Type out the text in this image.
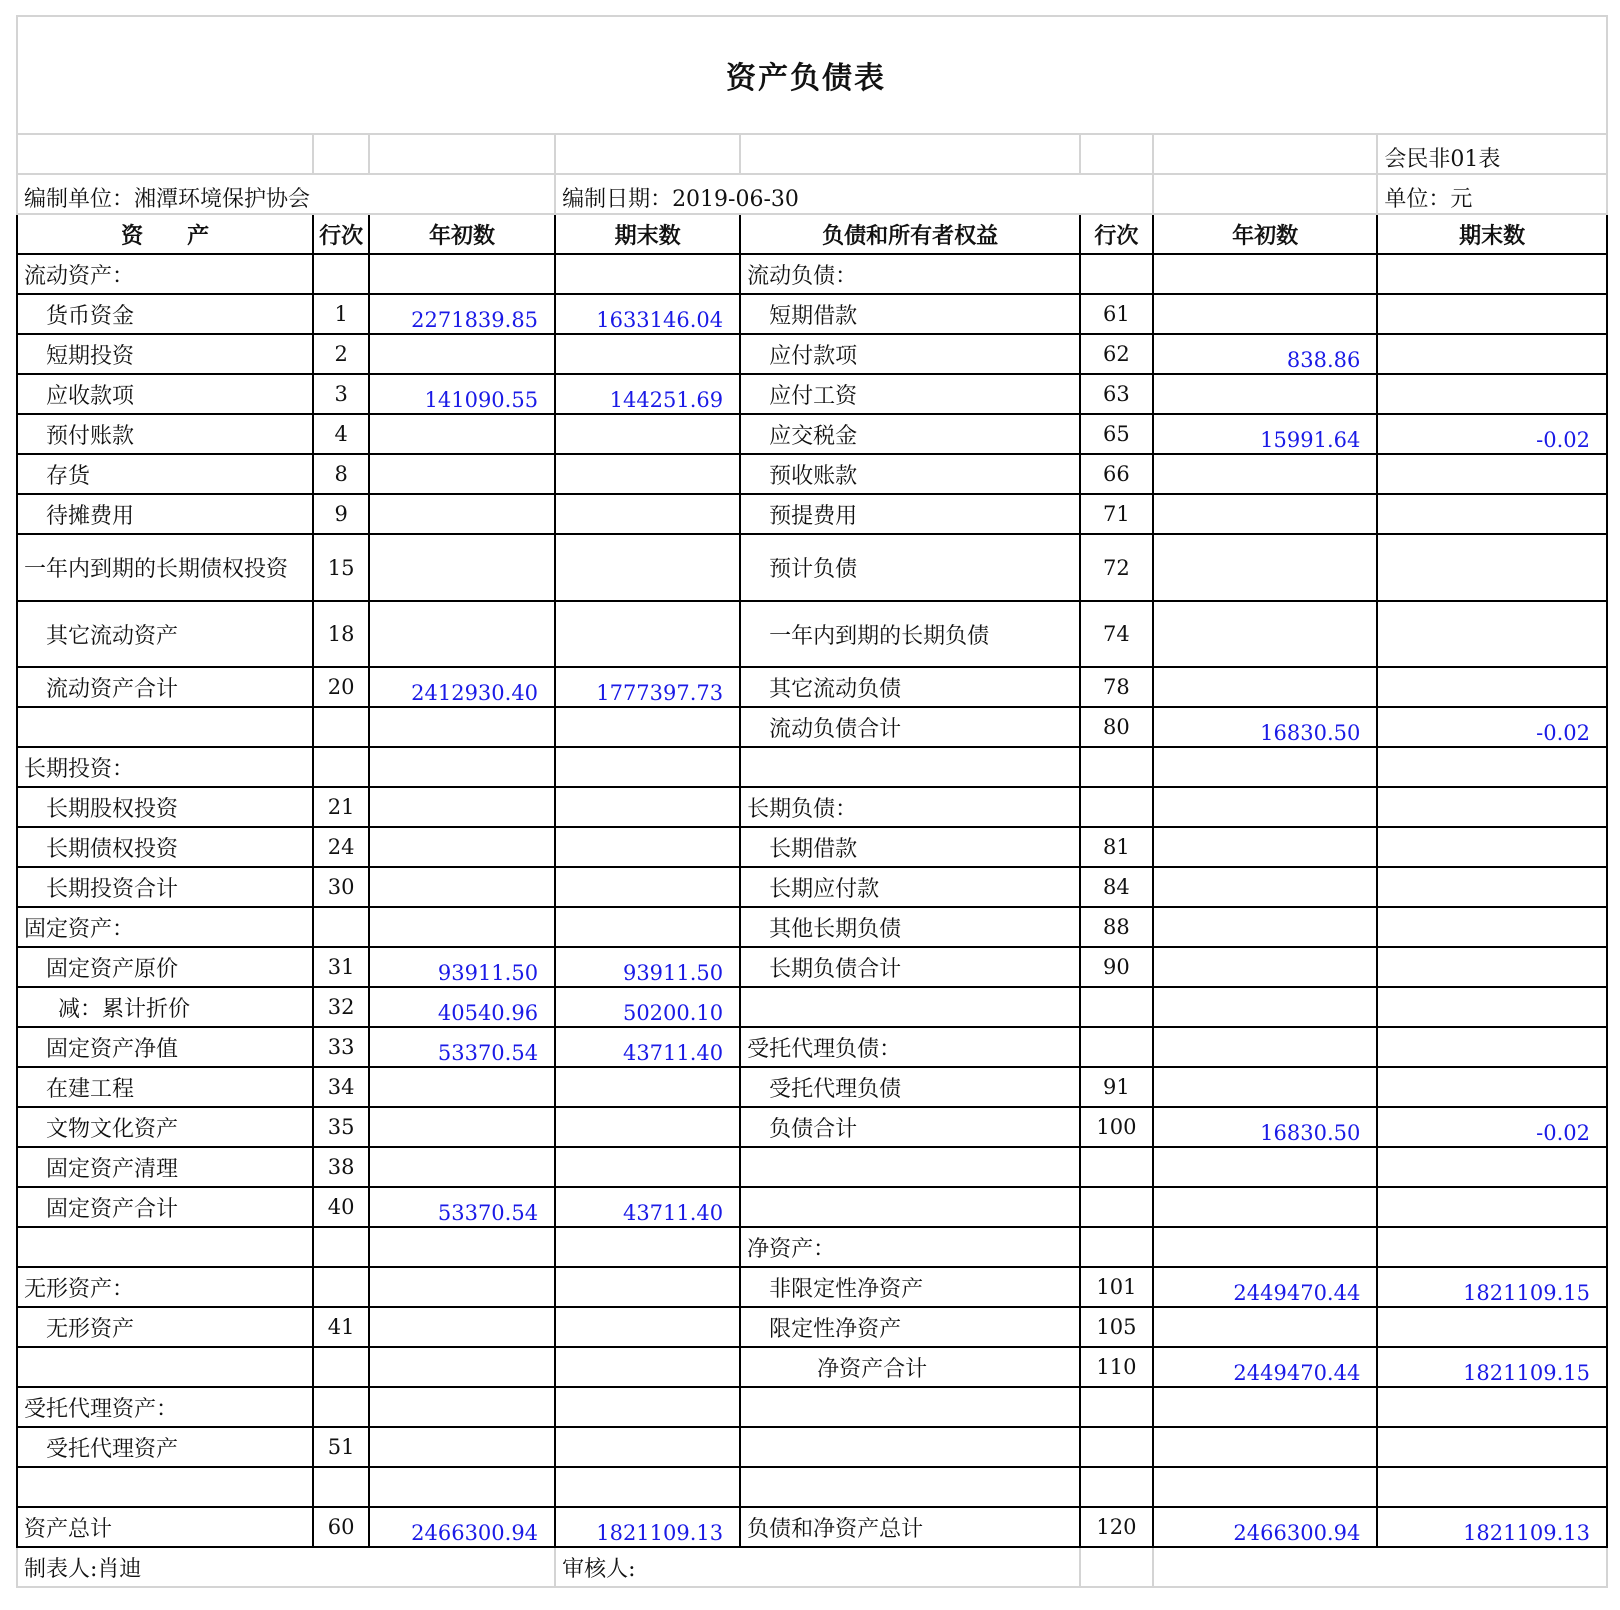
资产负债表
							会民非01表
编制单位：湘潭环境保护协会			编制日期：2019-06-30				单位：元
资　　产	行次	年初数	期末数	负债和所有者权益	行次	年初数	期末数
流动资产：				流动负债：			
货币资金	1	2271839.85	1633146.04	短期借款	61		
短期投资	2			应付款项	62	838.86	
应收款项	3	141090.55	144251.69	应付工资	63		
预付账款	4			应交税金	65	15991.64	-0.02
存货	8			预收账款	66		
待摊费用	9			预提费用	71		
一年内到期的长期债权投资	15			预计负债	72		
其它流动资产	18			一年内到期的长期负债	74		
流动资产合计	20	2412930.40	1777397.73	其它流动负债	78		
				流动负债合计	80	16830.50	-0.02
长期投资：							
长期股权投资	21			长期负债：			
长期债权投资	24			长期借款	81		
长期投资合计	30			长期应付款	84		
固定资产：				其他长期负债	88		
固定资产原价	31	93911.50	93911.50	长期负债合计	90		
减：累计折价	32	40540.96	50200.10				
固定资产净值	33	53370.54	43711.40	受托代理负债：			
在建工程	34			受托代理负债	91		
文物文化资产	35			负债合计	100	16830.50	-0.02
固定资产清理	38						
固定资产合计	40	53370.54	43711.40				
				净资产：			
无形资产：				非限定性净资产	101	2449470.44	1821109.15
无形资产	41			限定性净资产	105		
				净资产合计	110	2449470.44	1821109.15
受托代理资产：							
受托代理资产	51						

资产总计	60	2466300.94	1821109.13	负债和净资产总计	120	2466300.94	1821109.13
制表人:肖迪			审核人:				
